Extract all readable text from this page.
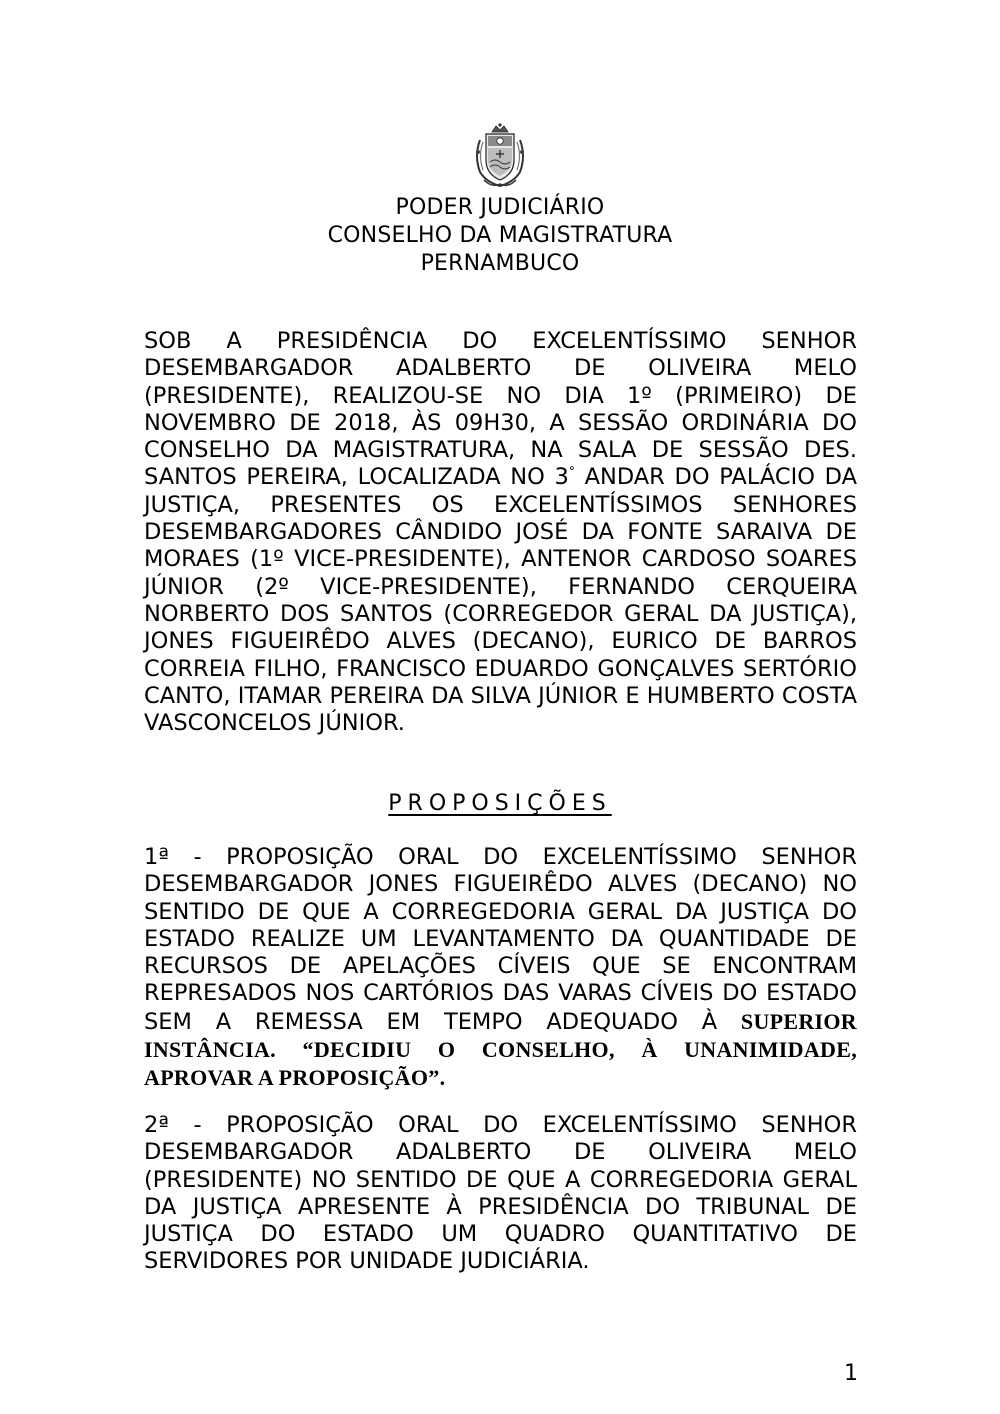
PODER JUDICIÁRIO
CONSELHO DA MAGISTRATURA
PERNAMBUCO
SOB A PRESIDÊNCIA DO EXCELENTÍSSIMO SENHOR DESEMBARGADOR ADALBERTO DE OLIVEIRA MELO (PRESIDENTE), REALIZOU-SE NO DIA 1º (PRIMEIRO) DE NOVEMBRO DE 2018, ÀS 09H30, A SESSÃO ORDINÁRIA DO CONSELHO DA MAGISTRATURA, NA SALA DE SESSÃO DES. SANTOS PEREIRA, LOCALIZADA NO 3° ANDAR DO PALÁCIO DA JUSTIÇA, PRESENTES OS EXCELENTÍSSIMOS SENHORES DESEMBARGADORES CÂNDIDO JOSÉ DA FONTE SARAIVA DE MORAES (1º VICE-PRESIDENTE), ANTENOR CARDOSO SOARES JÚNIOR (2º VICE-PRESIDENTE), FERNANDO CERQUEIRA NORBERTO DOS SANTOS (CORREGEDOR GERAL DA JUSTIÇA), JONES FIGUEIRÊDO ALVES (DECANO), EURICO DE BARROS CORREIA FILHO, FRANCISCO EDUARDO GONÇALVES SERTÓRIO CANTO, ITAMAR PEREIRA DA SILVA JÚNIOR E HUMBERTO COSTA VASCONCELOS JÚNIOR.
PROPOSIÇÕES
1ª - PROPOSIÇÃO ORAL DO EXCELENTÍSSIMO SENHOR DESEMBARGADOR JONES FIGUEIRÊDO ALVES (DECANO) NO SENTIDO DE QUE A CORREGEDORIA GERAL DA JUSTIÇA DO ESTADO REALIZE UM LEVANTAMENTO DA QUANTIDADE DE RECURSOS DE APELAÇÕES CÍVEIS QUE SE ENCONTRAM REPRESADOS NOS CARTÓRIOS DAS VARAS CÍVEIS DO ESTADO SEM A REMESSA EM TEMPO ADEQUADO À SUPERIOR INSTÂNCIA. “DECIDIU O CONSELHO, À UNANIMIDADE, APROVAR A PROPOSIÇÃO”.
2ª - PROPOSIÇÃO ORAL DO EXCELENTÍSSIMO SENHOR DESEMBARGADOR ADALBERTO DE OLIVEIRA MELO (PRESIDENTE) NO SENTIDO DE QUE A CORREGEDORIA GERAL DA JUSTIÇA APRESENTE À PRESIDÊNCIA DO TRIBUNAL DE JUSTIÇA DO ESTADO UM QUADRO QUANTITATIVO DE SERVIDORES POR UNIDADE JUDICIÁRIA.
1
